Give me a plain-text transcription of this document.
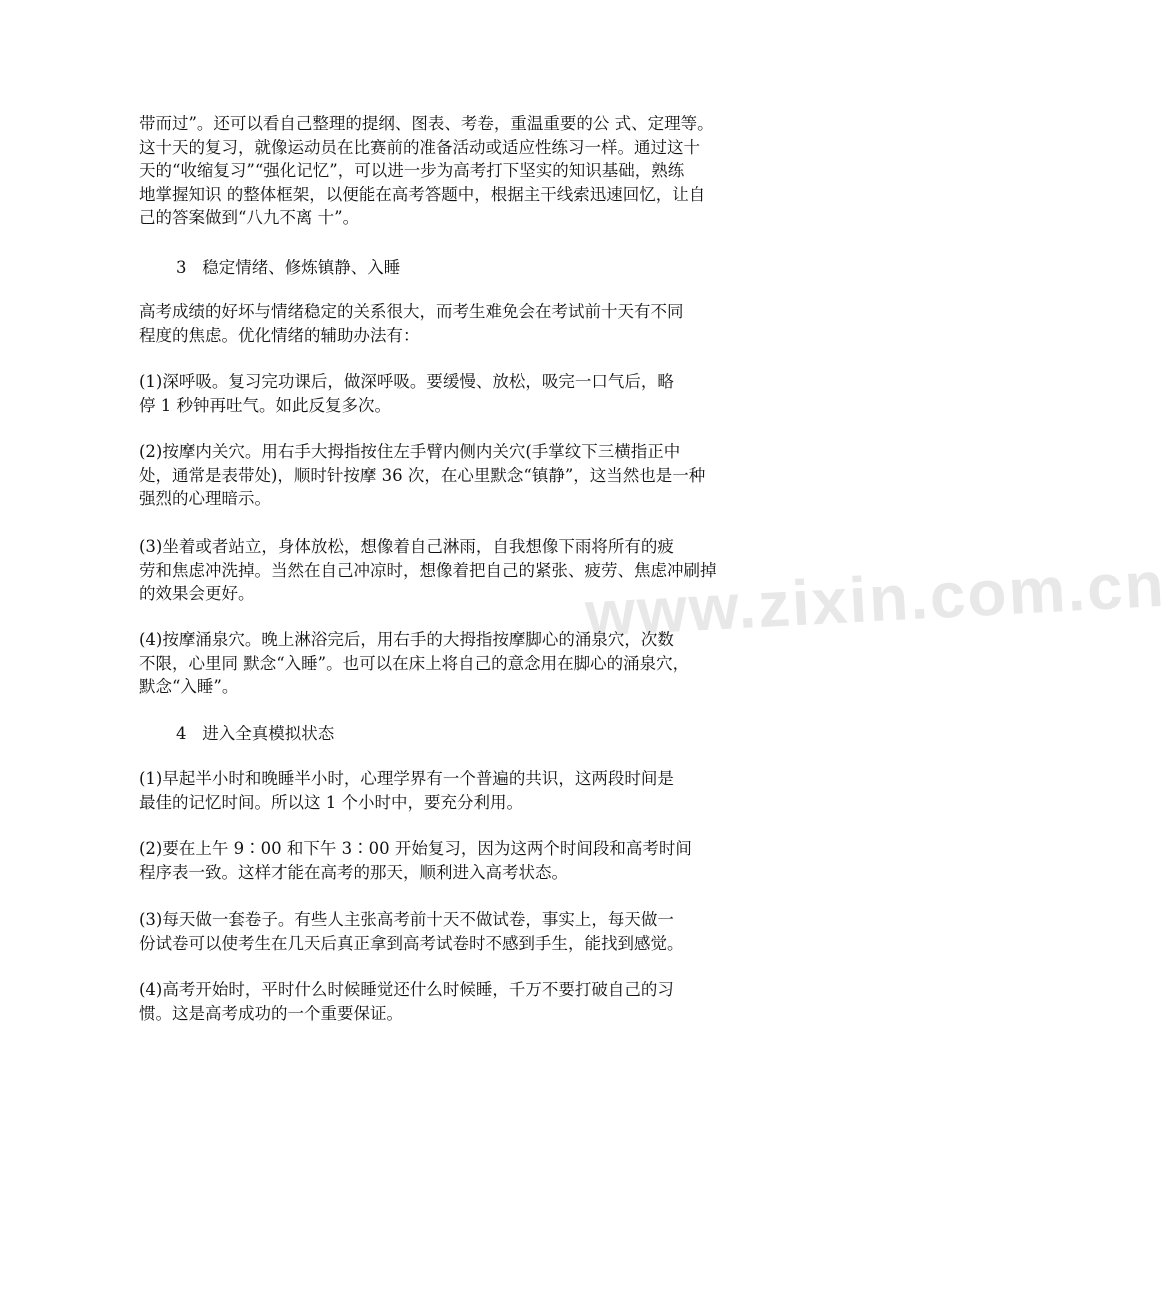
www.zixin.com.cn
带而过”。还可以看自己整理的提纲、图表、考卷，重温重要的公 式、定理等。
这十天的复习，就像运动员在比赛前的准备活动或适应性练习一样。通过这十
天的“收缩复习”“强化记忆”，可以进一步为高考打下坚实的知识基础，熟练
地掌握知识 的整体框架，以便能在高考答题中，根据主干线索迅速回忆，让自
己的答案做到“八九不离 十”。
3   稳定情绪、修炼镇静、入睡
高考成绩的好坏与情绪稳定的关系很大，而考生难免会在考试前十天有不同
程度的焦虑。优化情绪的辅助办法有：
(1)深呼吸。复习完功课后，做深呼吸。要缓慢、放松，吸完一口气后，略
停 1 秒钟再吐气。如此反复多次。
(2)按摩内关穴。用右手大拇指按住左手臂内侧内关穴(手掌纹下三横指正中
处，通常是表带处)，顺时针按摩 36 次，在心里默念“镇静”，这当然也是一种
强烈的心理暗示。
(3)坐着或者站立，身体放松，想像着自己淋雨，自我想像下雨将所有的疲
劳和焦虑冲洗掉。当然在自己冲凉时，想像着把自己的紧张、疲劳、焦虑冲刷掉
的效果会更好。
(4)按摩涌泉穴。晚上淋浴完后，用右手的大拇指按摩脚心的涌泉穴，次数
不限，心里同 默念“入睡”。也可以在床上将自己的意念用在脚心的涌泉穴，
默念“入睡”。
4   进入全真模拟状态
(1)早起半小时和晚睡半小时，心理学界有一个普遍的共识，这两段时间是
最佳的记忆时间。所以这 1 个小时中，要充分利用。
(2)要在上午 9∶00 和下午 3∶00 开始复习，因为这两个时间段和高考时间
程序表一致。这样才能在高考的那天，顺利进入高考状态。
(3)每天做一套卷子。有些人主张高考前十天不做试卷，事实上，每天做一
份试卷可以使考生在几天后真正拿到高考试卷时不感到手生，能找到感觉。
(4)高考开始时，平时什么时候睡觉还什么时候睡，千万不要打破自己的习
惯。这是高考成功的一个重要保证。
